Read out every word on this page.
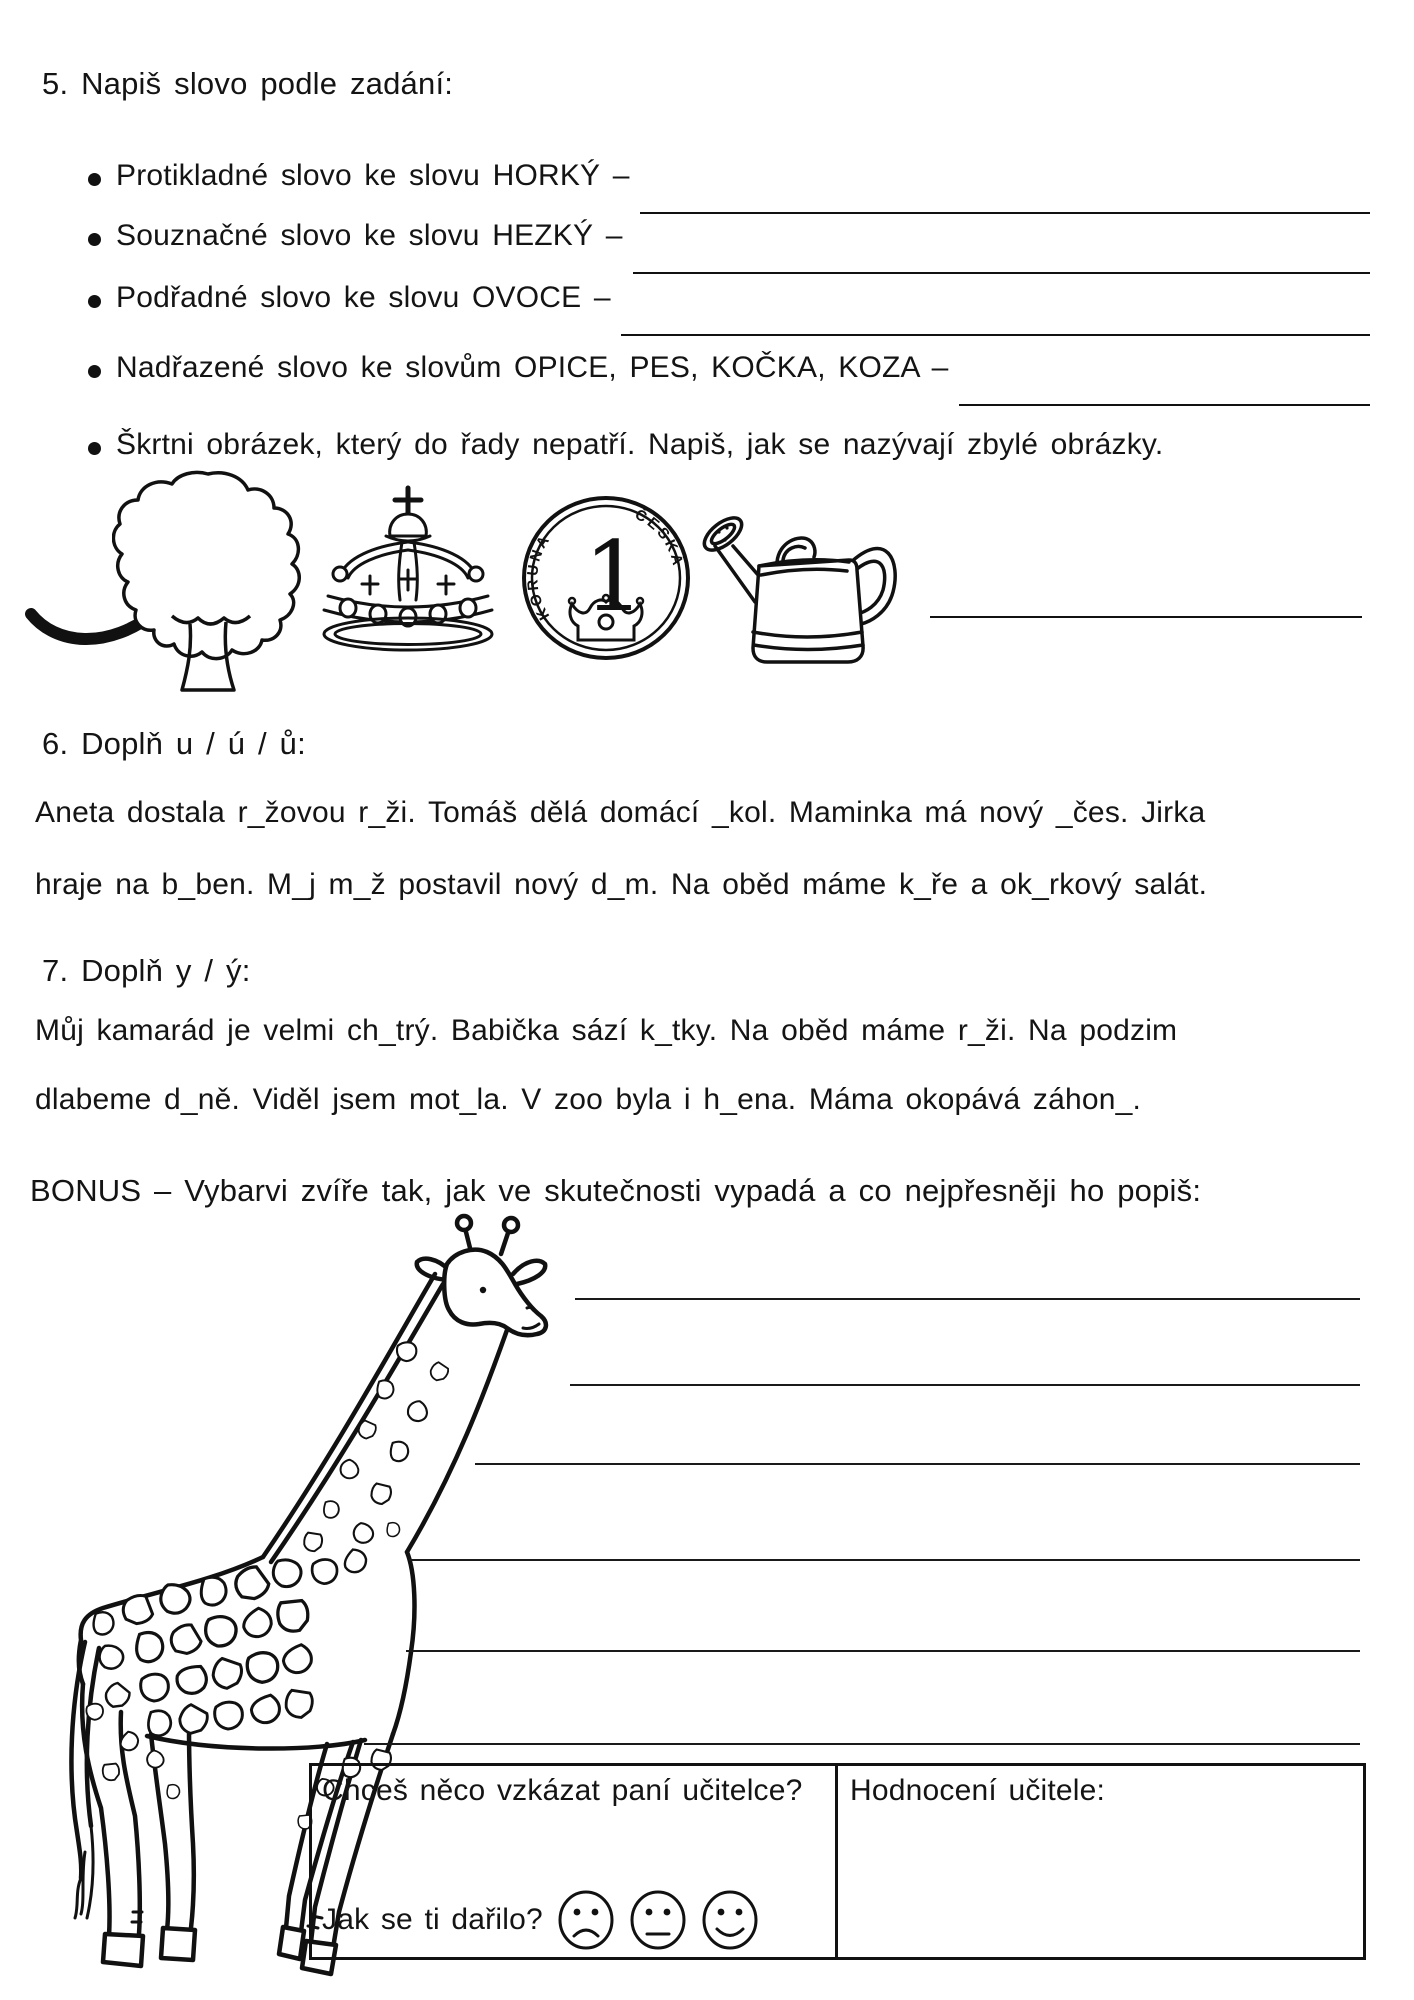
5. Napiš slovo podle zadání:
Protikladné slovo ke slovu HORKÝ –
Souznačné slovo ke slovu HEZKÝ –
Podřadné slovo ke slovu OVOCE –
Nadřazené slovo ke slovům OPICE, PES, KOČKA, KOZA –
Škrtni obrázek, který do řady nepatří. Napiš, jak se nazývají zbylé obrázky.
1
KORUNA
ČESKÁ
6. Doplň u / ú / ů:
Aneta dostala r_žovou r_ži. Tomáš dělá domácí _kol. Maminka má nový _čes. Jirka
hraje na b_ben. M_j m_ž postavil nový d_m. Na oběd máme k_ře a ok_rkový salát.
7. Doplň y / ý:
Můj kamarád je velmi ch_trý. Babička sází k_tky. Na oběd máme r_ži. Na podzim
dlabeme d_ně. Viděl jsem mot_la. V zoo byla i h_ena. Máma okopává záhon_.
BONUS – Vybarvi zvíře tak, jak ve skutečnosti vypadá a co nejpřesněji ho popiš:
Chceš něco vzkázat paní učitelce?
Jak se ti dařilo?
Hodnocení učitele:
